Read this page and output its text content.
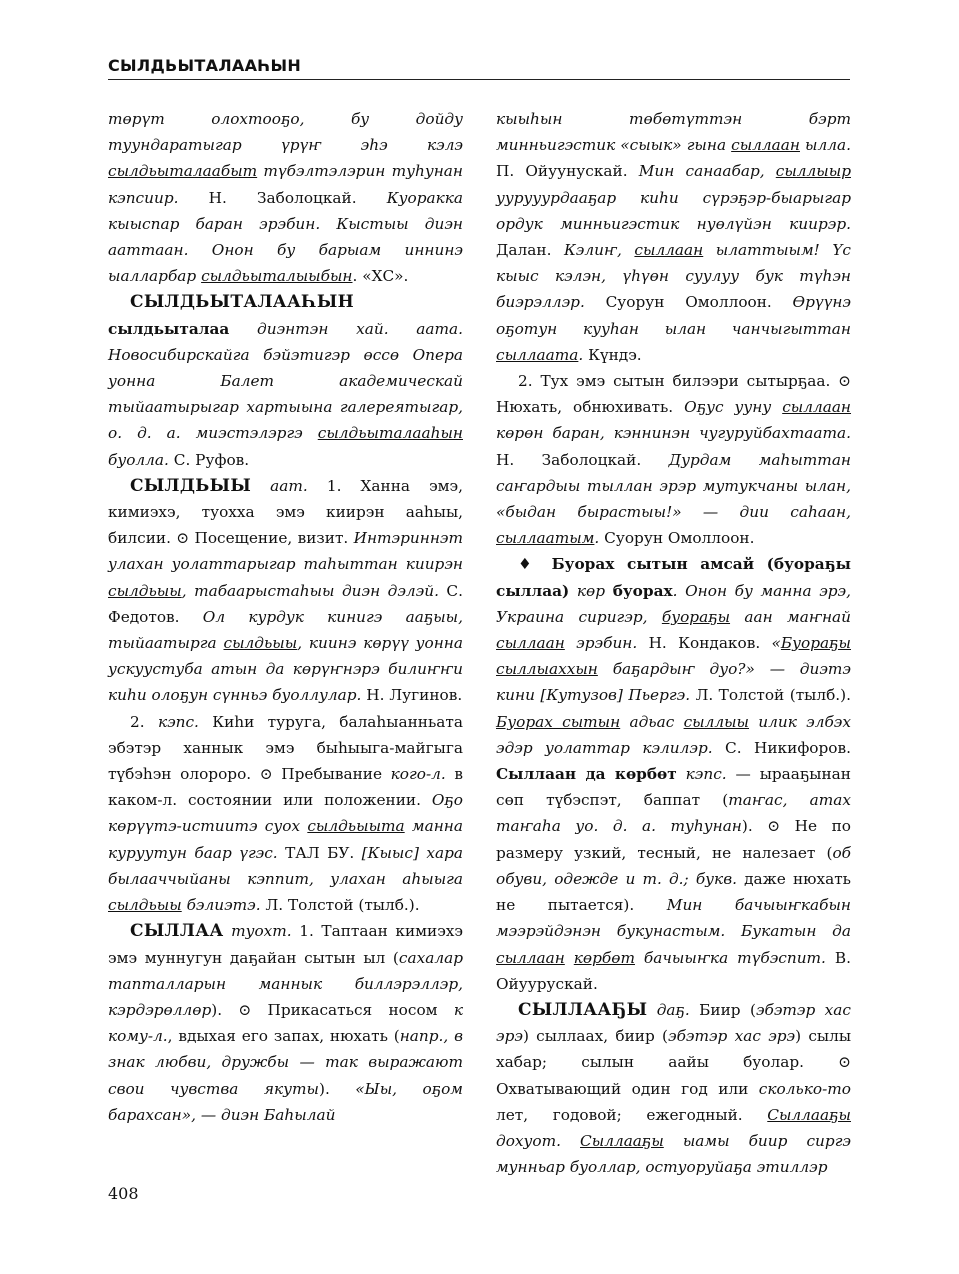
СЫЛДЬЫТАЛААҺЫН

төрүт олохтооҕо, бу дойду туундаратыгар үрүҥ эһэ кэлэ сылдьыталаабыт түбэлтэлэрин туһунан кэпсиир. Н. Заболоцкай. Куоракка кыыспар баран эрэбин. Кыстыы диэн ааттаан. Онон бу барыам иннинэ ыалларбар сылдьыталыыбын. «ХС».

СЫЛДЬЫТАЛААҺЫН сылдьыталаа диэнтэн хай. аата. Новосибирскайга бэйэтигэр өссө Опера уонна Балет академическай тыйаатырыгар хартыына галереятыгар, о. д. а. миэстэлэргэ сылдьыталааһын буолла. С. Руфов.

СЫЛДЬЫЫ аат. 1. Ханна эмэ, кимиэхэ, туохха эмэ киирэн ааһыы, билсии. ⊙ Посещение, визит. Интэриннэт улахан уолаттарыгар таһыттан киирэн сылдьыы, табаарыстаһыы диэн дэлэй. С. Федотов. Ол курдук кинигэ ааҕыы, тыйаатырга сылдьыы, киинэ көрүү уонна ускуустуба атын да көрүҥнэрэ билиҥҥи киһи олоҕун сүнньэ буоллулар. Н. Лугинов.

2. кэпс. Киһи туруга, балаһыанньата эбэтэр ханнык эмэ быһыыга-майгыга түбэһэн олороро. ⊙ Пребывание кого-л. в каком-л. состоянии или положении. Оҕо көрүүтэ-истиитэ суох сылдьыыта манна куруутун баар үгэс. ТАЛ БУ. [Кыыс] хара былааччыйаны кэппит, улахан аһыыга сылдьыы бэлиэтэ. Л. Толстой (тылб.).

СЫЛЛАА туохт. 1. Таптаан кимиэхэ эмэ муннугун даҕайан сытын ыл (сахалар тапталларын маннык биллэрэллэр, кэрдэрөллөр). ⊙ Прикасаться носом к кому-л., вдыхая его запах, нюхать (напр., в знак любви, дружбы — так выражают свои чувства якуты). «Ыы, оҕом барахсан», — диэн Баһылай

кыыһын төбөтүттэн бэрт минньигэстик «сыык» гына сыллаан ылла. П. Ойуунускай. Мин санаабар, сыллыыр уурууурдааҕар киһи сүрэҕэр-быарыгар ордук минньигэстик нуөлүйэн киирэр. Далан. Кэлиҥ, сыллаан ылаттыым! Үс кыыс кэлэн, үһүөн суулуу бук түһэн биэрэллэр. Суорун Омоллоон. Өрүүнэ оҕотун кууһан ылан чанчыгыттан сыллаата. Күндэ.

2. Тух эмэ сытын билээри сытырҕаа. ⊙ Нюхать, обнюхивать. Оҕус ууну сыллаан көрөн баран, кэннинэн чугуруйбахтаата. Н. Заболоцкай. Дурдам маһыттан саҥардыы тыллан эрэр мутукчаны ылан, «быдан бырастыы!» — дии саһаан, сыллаатым. Суорун Омоллоон.

♦ Буорах сытын амсай (буораҕы сыллаа) көр буорах. Онон бу манна эрэ, Украина сиригэр, буораҕы аан маҥнай сыллаан эрэбин. Н. Кондаков. «Буораҕы сыллыаххын баҕардыҥ дуо?» — диэтэ кини [Кутузов] Пьергэ. Л. Толстой (тылб.). Буорах сытын адьас сыллыы илик элбэх эдэр уолаттар кэлилэр. С. Никифоров. Сыллаан да көрбөт кэпс. — ыраaҕынан сөп түбэспэт, баппат (таҥас, атах таҥаһа уо. д. а. туһунан). ⊙ Не по размеру узкий, тесный, не налезает (об обуви, одежде и т. д.; букв. даже нюхать не пытается). Мин бачыыҥкабын мээрэйдэнэн букунастым. Букатын да сыллаан көрбөт бачыыҥка түбэспит. В. Ойуурускай.

СЫЛЛААҔЫ даҕ. Биир (эбэтэр хас эрэ) сыллаах, биир (эбэтэр хас эрэ) сылы хабар; сылын аайы буолар. ⊙ Охватывающий один год или сколько-то лет, годовой; ежегодный. Сыллааҕы дохуот. Сыллааҕы ыамы биир сиргэ мунньар буоллар, остуоруйаҕа этиллэр

408
